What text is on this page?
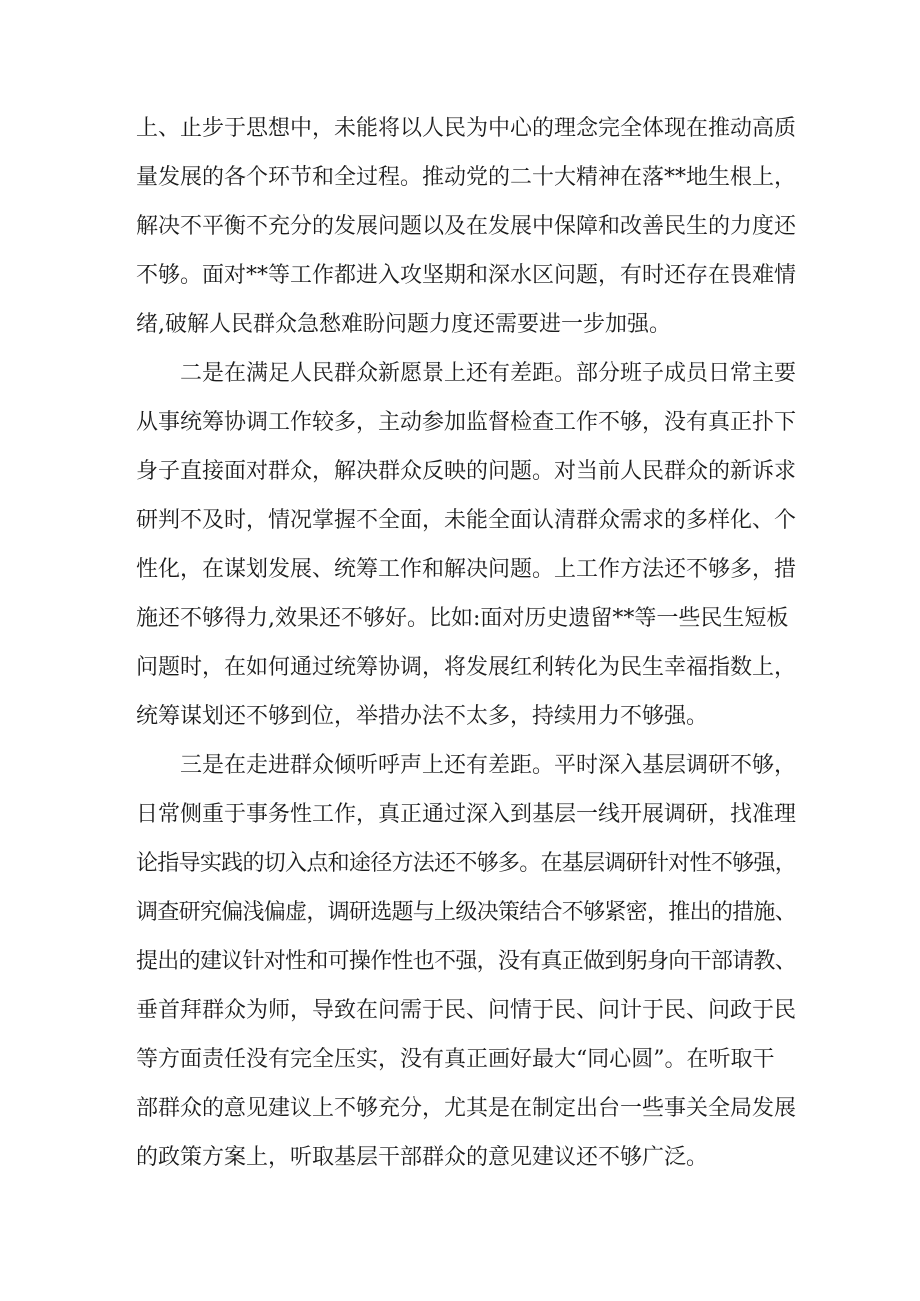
上、止步于思想中，未能将以人民为中心的理念完全体现在推动高质
量发展的各个环节和全过程。推动党的二十大精神在落**地生根上，
解决不平衡不充分的发展问题以及在发展中保障和改善民生的力度还
不够。面对**等工作都进入攻坚期和深水区问题，有时还存在畏难情
绪,破解人民群众急愁难盼问题力度还需要进一步加强。
二是在满足人民群众新愿景上还有差距。部分班子成员日常主要
从事统筹协调工作较多，主动参加监督检查工作不够，没有真正扑下
身子直接面对群众，解决群众反映的问题。对当前人民群众的新诉求
研判不及时，情况掌握不全面，未能全面认清群众需求的多样化、个
性化，在谋划发展、统筹工作和解决问题。上工作方法还不够多，措
施还不够得力,效果还不够好。比如:面对历史遗留**等一些民生短板
问题时，在如何通过统筹协调，将发展红利转化为民生幸福指数上，
统筹谋划还不够到位，举措办法不太多，持续用力不够强。
三是在走进群众倾听呼声上还有差距。平时深入基层调研不够，
日常侧重于事务性工作，真正通过深入到基层一线开展调研，找准理
论指导实践的切入点和途径方法还不够多。在基层调研针对性不够强，
调查研究偏浅偏虚，调研选题与上级决策结合不够紧密，推出的措施、
提出的建议针对性和可操作性也不强，没有真正做到躬身向干部请教、
垂首拜群众为师，导致在问需于民、问情于民、问计于民、问政于民
等方面责任没有完全压实，没有真正画好最大“同心圆”。在听取干
部群众的意见建议上不够充分，尤其是在制定出台一些事关全局发展
的政策方案上，听取基层干部群众的意见建议还不够广泛。
